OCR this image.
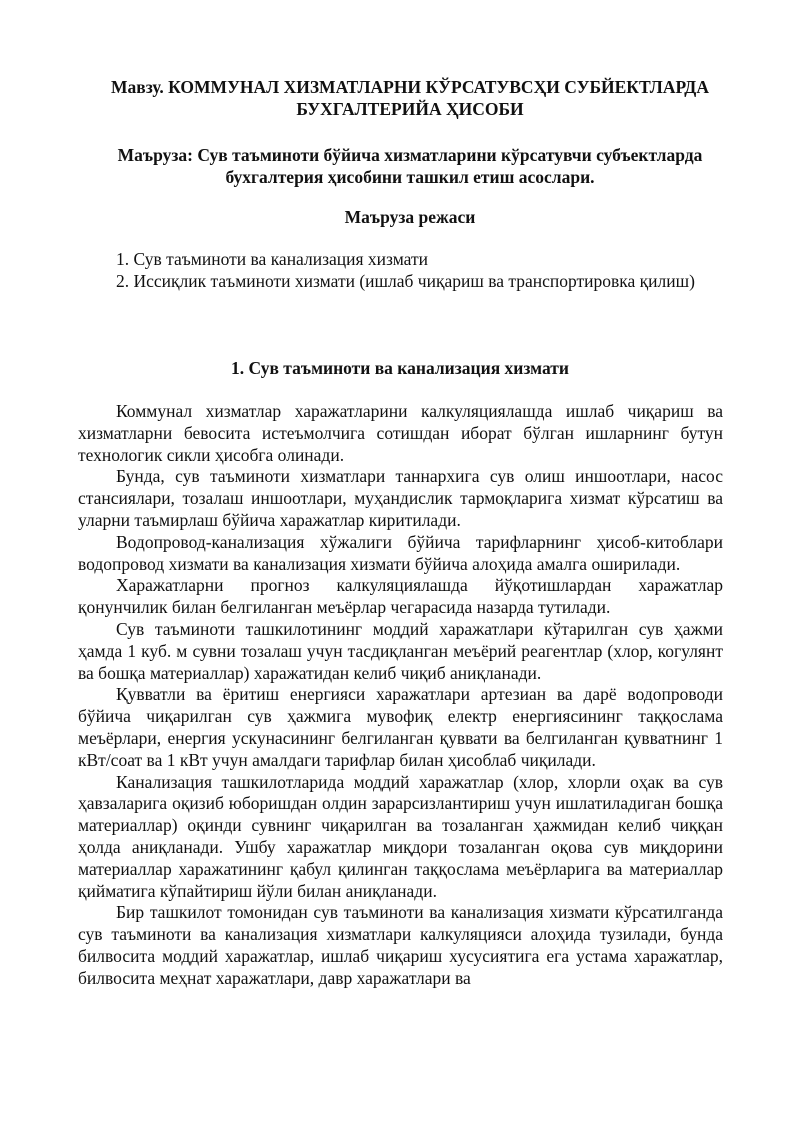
Мавзу. КОММУНАЛ ХИЗМАТЛАРНИ КЎРСАТУВСҲИ СУБЙЕКТЛАРДА БУХГАЛТЕРИЙА ҲИСОБИ
Маъруза: Сув таъминоти бўйича хизматларини кўрсатувчи субъектларда бухгалтерия ҳисобини ташкил етиш асослари.
Маъруза режаси
1. Сув таъминоти ва канализация хизмати
2. Иссиқлик таъминоти хизмати (ишлаб чиқариш ва транспортировка қилиш)
1. Сув таъминоти ва канализация хизмати

Коммунал хизматлар харажатларини калкуляциялашда ишлаб чиқариш ва хизматларни бевосита истеъмолчига сотишдан иборат бўлган ишларнинг бутун технологик сикли ҳисобга олинади.

Бунда, сув таъминоти хизматлари таннархига сув олиш иншоотлари, насос стансиялари, тозалаш иншоотлари, муҳандислик тармоқларига хизмат кўрсатиш ва уларни таъмирлаш бўйича харажатлар киритилади.

Водопровод-канализация хўжалиги бўйича тарифларнинг ҳисоб-китоблари водопровод хизмати ва канализация хизмати бўйича алоҳида амалга оширилади.

Харажатларни прогноз калкуляциялашда йўқотишлардан харажатлар қонунчилик билан белгиланган меъёрлар чегарасида назарда тутилади.

Сув таъминоти ташкилотининг моддий харажатлари кўтарилган сув ҳажми ҳамда 1 куб. м сувни тозалаш учун тасдиқланган меъёрий реагентлар (хлор, когулянт ва бошқа материаллар) харажатидан келиб чиқиб аниқланади.

Қувватли ва ёритиш енергияси харажатлари артезиан ва дарё водопроводи бўйича чиқарилган сув ҳажмига мувофиқ електр енергиясининг таққослама меъёрлари, енергия ускунасининг белгиланган қуввати ва белгиланган қувватнинг 1 кВт/соат ва 1 кВт учун амалдаги тарифлар билан ҳисоблаб чиқилади.

Канализация ташкилотларида моддий харажатлар (хлор, хлорли оҳак ва сув ҳавзаларига оқизиб юборишдан олдин зарарсизлантириш учун ишлатиладиган бошқа материаллар) оқинди сувнинг чиқарилган ва тозаланган ҳажмидан келиб чиққан ҳолда аниқланади. Ушбу харажатлар миқдори тозаланган оқова сув миқдорини материаллар харажатининг қабул қилинган таққослама меъёрларига ва материаллар қийматига кўпайтириш йўли билан аниқланади.

Бир ташкилот томонидан сув таъминоти ва канализация хизмати кўрсатилганда сув таъминоти ва канализация хизматлари калкуляцияси алоҳида тузилади, бунда билвосита моддий харажатлар, ишлаб чиқариш хусусиятига ега устама харажатлар, билвосита меҳнат харажатлари, давр харажатлари ва
